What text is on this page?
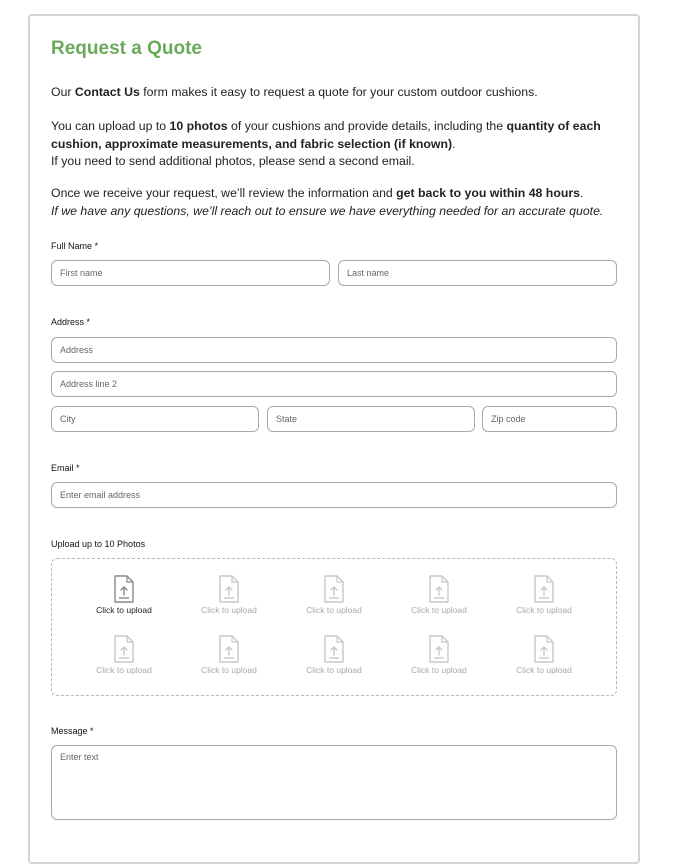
Request a Quote

Our Contact Us form makes it easy to request a quote for your custom outdoor cushions.

You can upload up to 10 photos of your cushions and provide details, including the quantity of each cushion, approximate measurements, and fabric selection (if known).
If you need to send additional photos, please send a second email.

Once we receive your request, we’ll review the information and get back to you within 48 hours.
If we have any questions, we’ll reach out to ensure we have everything needed for an accurate quote.

Full Name *
First name
Last name
Address *
Address
Address line 2
City
State
Zip code
Email *
Enter email address
Upload up to 10 Photos
Click to upload	Click to upload	Click to upload	Click to upload	Click to upload
Click to upload	Click to upload	Click to upload	Click to upload	Click to upload
Message *
Enter text
